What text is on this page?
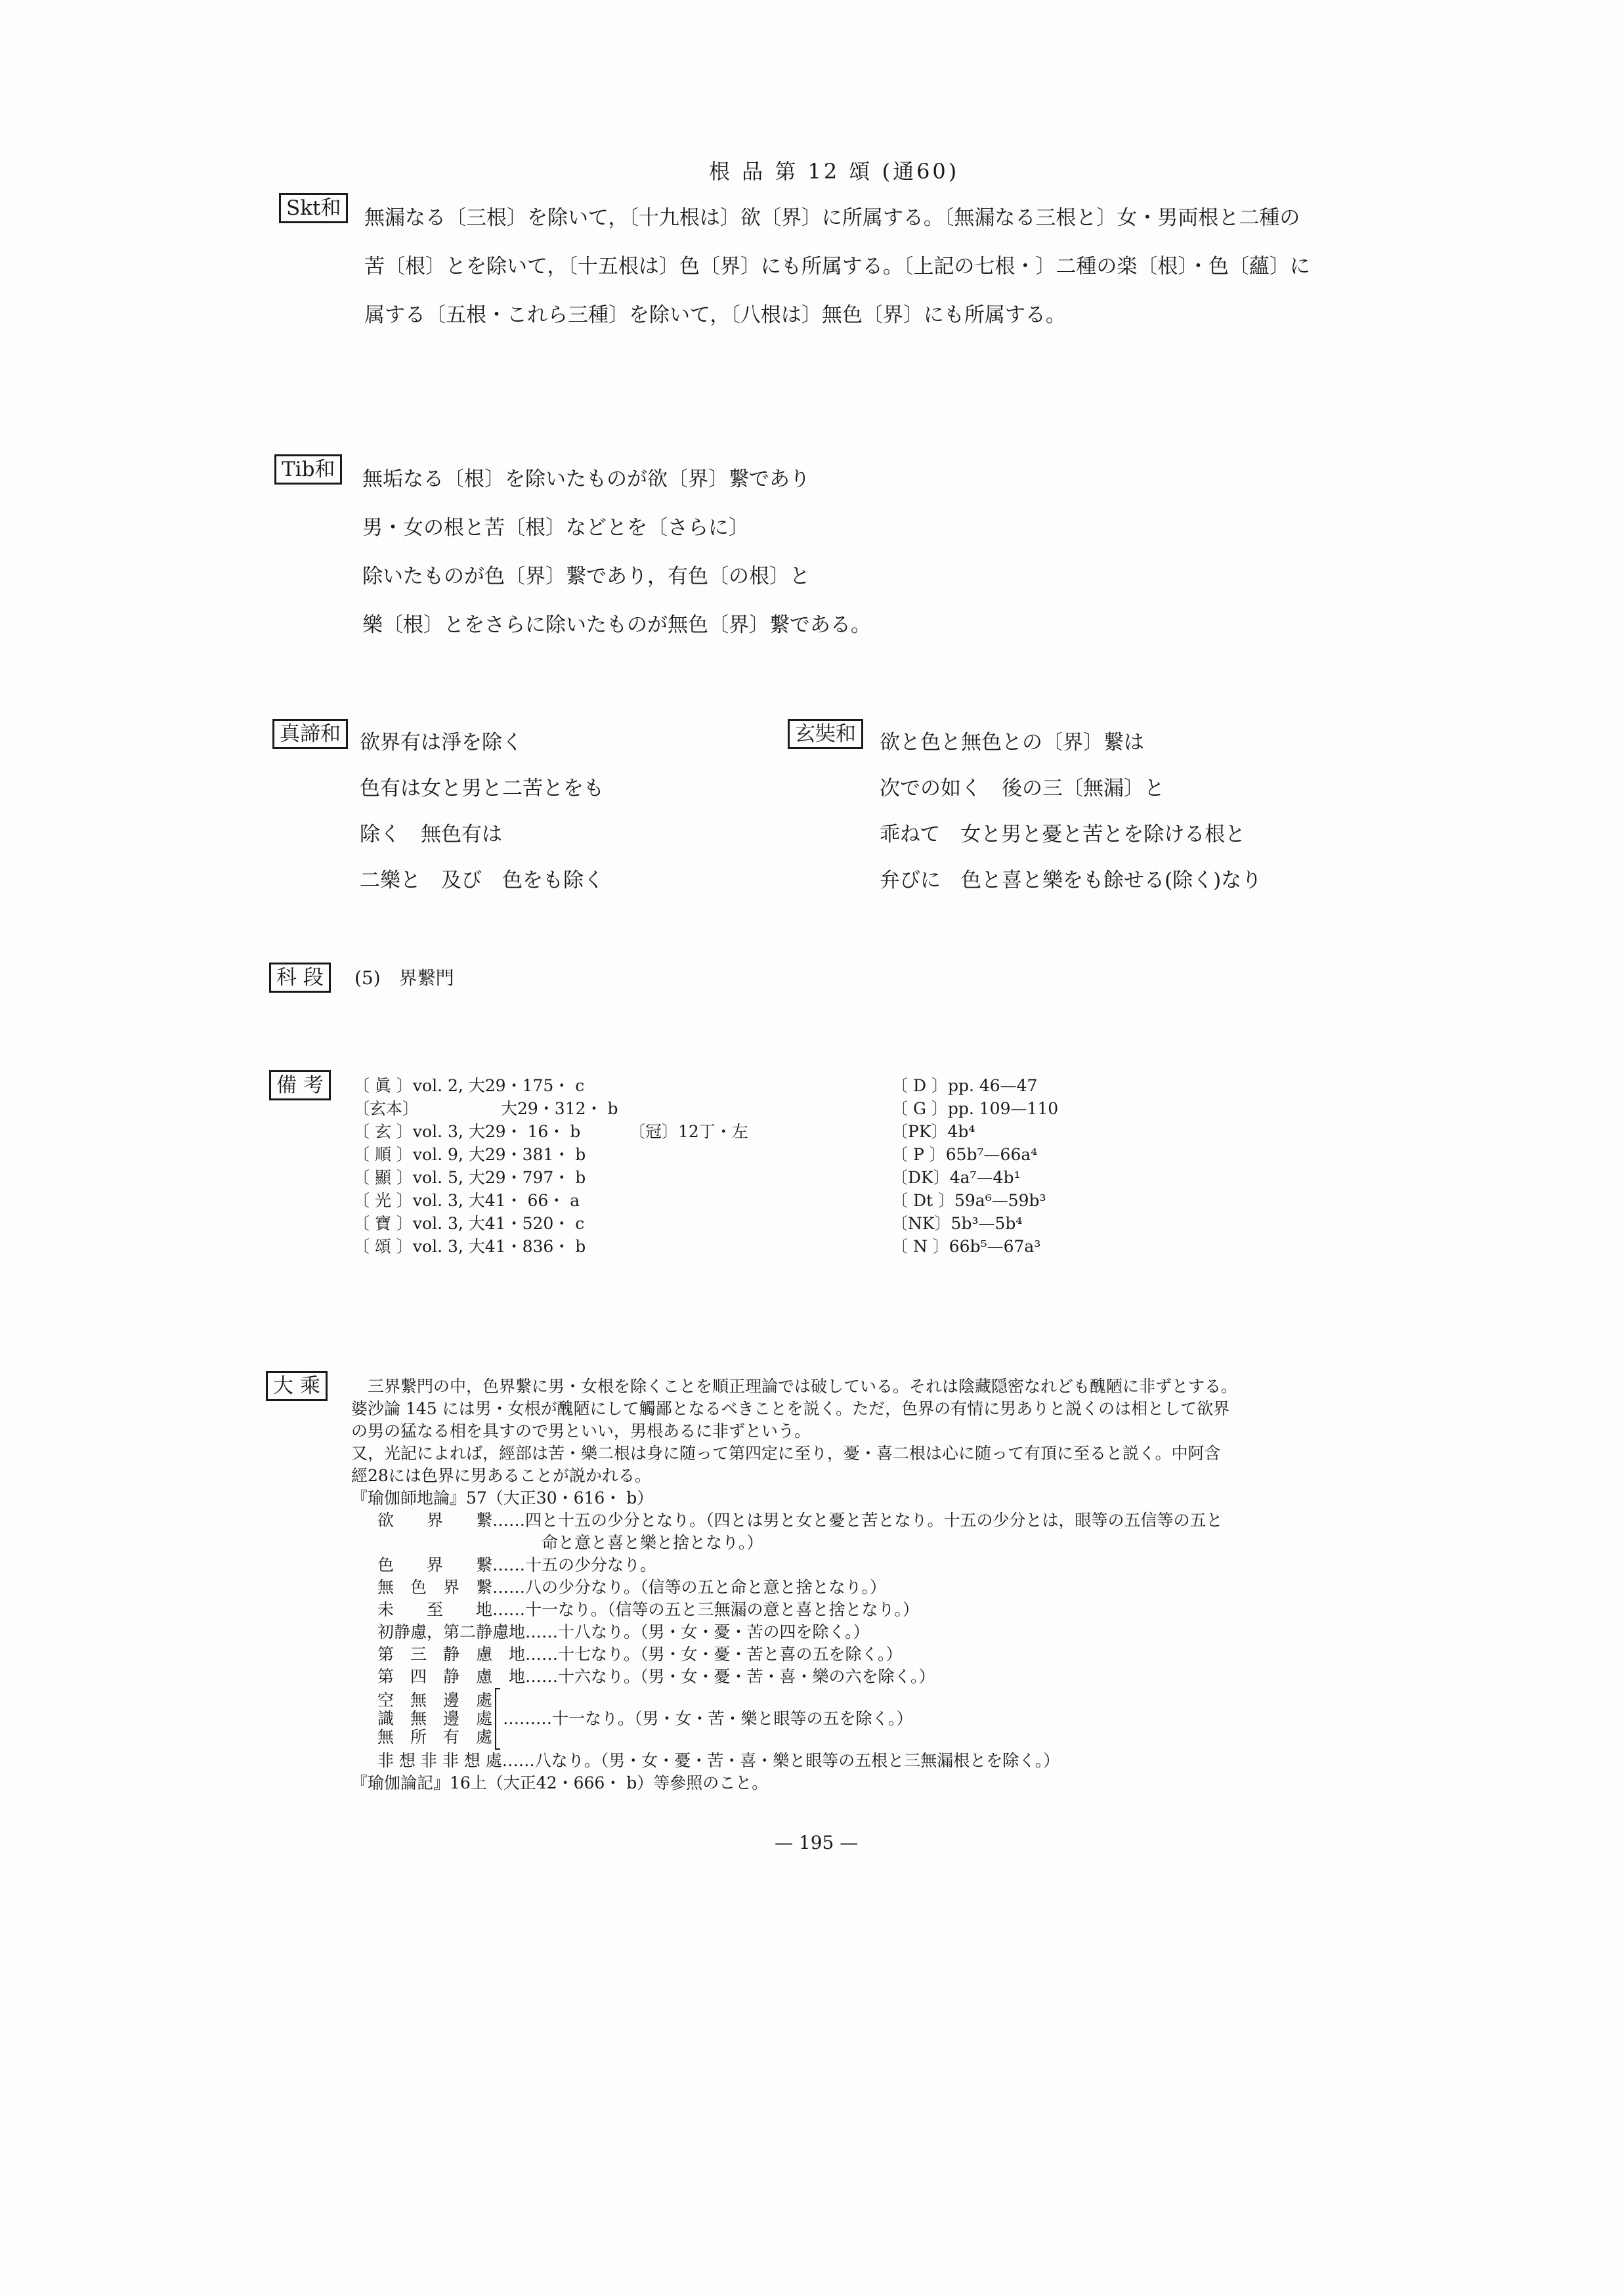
根 品 第 12 頌 (通60)
Skt和	無漏なる〔三根〕を除いて，〔十九根は〕欲〔界〕に所属する。〔無漏なる三根と〕女・男両根と二種の
苦〔根〕とを除いて，〔十五根は〕色〔界〕にも所属する。〔上記の七根・〕二種の楽〔根〕・色〔蘊〕に
属する〔五根・これら三種〕を除いて，〔八根は〕無色〔界〕にも所属する。
Tib和	無垢なる〔根〕を除いたものが欲〔界〕繋であり
男・女の根と苦〔根〕などとを〔さらに〕
除いたものが色〔界〕繋であり，有色〔の根〕と
樂〔根〕とをさらに除いたものが無色〔界〕繋である。
真諦和 欲界有は淨を除く
色有は女と男と二苦とをも
除く　無色有は
二樂と　及び　色をも除く
玄奘和	欲と色と無色との〔界〕繋は
次での如く　後の三〔無漏〕と
乖ねて　女と男と憂と苦とを除ける根と
弁びに　色と喜と樂をも餘せる(除く)なり
科 段	(5)　界繋門
備 考	〔 眞 〕vol. 2, 大29・175・ c	〔 D 〕pp. 46—47
〔玄本〕	大29・312・ b	〔 G 〕pp. 109—110
〔 玄 〕vol. 3, 大29・ 16・ b	〔冠〕12丁・左	〔PK〕4b⁴
〔 順 〕vol. 9, 大29・381・ b	〔 P 〕65b⁷—66a⁴
〔 顯 〕vol. 5, 大29・797・ b	〔DK〕4a⁷—4b¹
〔 光 〕vol. 3, 大41・ 66・ a	〔 Dt 〕59a⁶—59b³
〔 寶 〕vol. 3, 大41・520・ c	〔NK〕5b³—5b⁴
〔 頌 〕vol. 3, 大41・836・ b	〔 N 〕66b⁵—67a³
大 乘	　三界繋門の中，色界繋に男・女根を除くことを順正理論では破している。それは陰藏隠密なれども醜陋に非ずとする。
婆沙論 145 には男・女根が醜陋にして觸鄙となるべきことを説く。ただ，色界の有情に男ありと説くのは相として欲界
の男の猛なる相を具すので男といい，男根あるに非ずという。
又，光記によれば，經部は苦・樂二根は身に随って第四定に至り，憂・喜二根は心に随って有頂に至ると説く。中阿含
經28には色界に男あることが説かれる。
『瑜伽師地論』57（大正30・616・ b）
欲　　界　　繋……四と十五の少分となり。（四とは男と女と憂と苦となり。十五の少分とは，眼等の五信等の五と
命と意と喜と樂と捨となり。）
色　　界　　繋……十五の少分なり。
無　色　界　繋……八の少分なり。（信等の五と命と意と捨となり。）
未　　至　　地……十一なり。（信等の五と三無漏の意と喜と捨となり。）
初静慮，第二静慮地……十八なり。（男・女・憂・苦の四を除く。）
第　三　静　慮　地……十七なり。（男・女・憂・苦と喜の五を除く。）
第　四　静　慮　地……十六なり。（男・女・憂・苦・喜・樂の六を除く。）
空　無　邊　處
識　無　邊　處
無　所　有　處
………十一なり。（男・女・苦・樂と眼等の五を除く。）
非 想 非 非 想 處……八なり。（男・女・憂・苦・喜・樂と眼等の五根と三無漏根とを除く。）
『瑜伽論記』16上（大正42・666・ b）等參照のこと。
— 195 —
